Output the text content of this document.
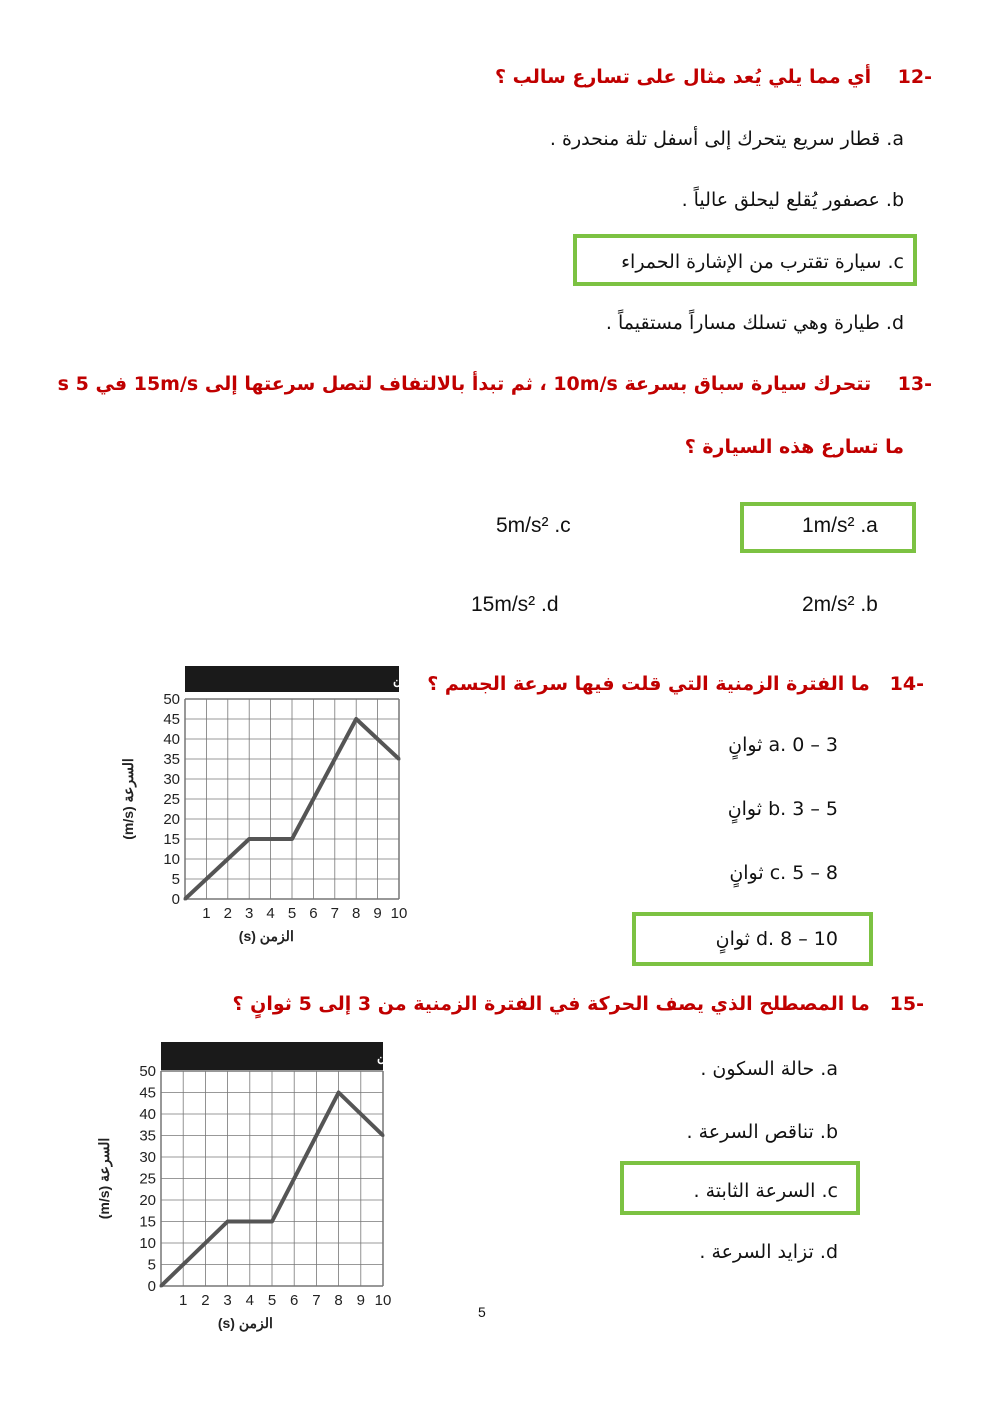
-12    أي مما يلي يُعد مثال على تسارع سالب ؟
a. قطار سريع يتحرك إلى أسفل تلة منحدرة .
b. عصفور يُقلع ليحلق عالياً .
c. سيارة تقترب من الإشارة الحمراء
d. طيارة وهي تسلك مساراً مستقيماً .
-13    تتحرك سيارة سباق بسرعة 10m/s ، ثم تبدأ بالالتفاف لتصل سرعتها إلى 15m/s في 5 s
ما تسارع هذه السيارة ؟
1m/s² .a
2m/s² .b
5m/s² .c
15m/s² .d
-14   ما الفترة الزمنية التي قلت فيها سرعة الجسم ؟
a. 0 – 3 ثوانٍ
b. 3 – 5 ثوانٍ
c. 5 – 8 ثوانٍ
d. 8 – 10 ثوانٍ
لزمن
0
5
10
15
20
25
30
35
40
45
50
1 2 3 4 5 6 7 8 9 10
الزمن (s)
السرعة (m/s)
-15   ما المصطلح الذي يصف الحركة في الفترة الزمنية من 3 إلى 5 ثوانٍ ؟
a. حالة السكون .
b. تناقص السرعة .
c. السرعة الثابتة .
d. تزايد السرعة .
الزمن
0
5
10
15
20
25
30
35
40
45
50
1 2 3 4 5 6 7 8 9 10
الزمن (s)
السرعة (m/s)
5
